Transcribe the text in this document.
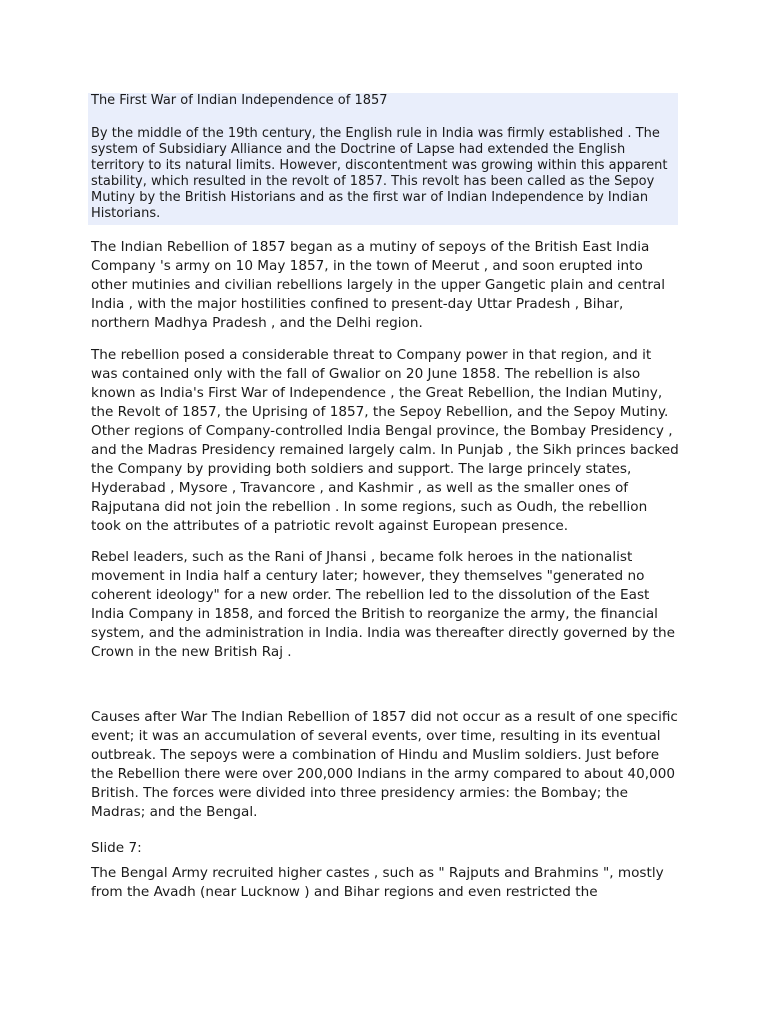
The First War of Indian Independence of 1857

By the middle of the 19th century, the English rule in India was firmly established . The system of Subsidiary Alliance and the Doctrine of Lapse had extended the English territory to its natural limits. However, discontentment was growing within this apparent stability, which resulted in the revolt of 1857. This revolt has been called as the Sepoy Mutiny by the British Historians and as the first war of Indian Independence by Indian Historians.

The Indian Rebellion of 1857 began as a mutiny of sepoys of the British East India Company 's army on 10 May 1857, in the town of Meerut , and soon erupted into other mutinies and civilian rebellions largely in the upper Gangetic plain and central India , with the major hostilities confined to present-day Uttar Pradesh , Bihar, northern Madhya Pradesh , and the Delhi region.

The rebellion posed a considerable threat to Company power in that region, and it was contained only with the fall of Gwalior on 20 June 1858. The rebellion is also known as India's First War of Independence , the Great Rebellion, the Indian Mutiny, the Revolt of 1857, the Uprising of 1857, the Sepoy Rebellion, and the Sepoy Mutiny. Other regions of Company-controlled India Bengal province, the Bombay Presidency , and the Madras Presidency remained largely calm. In Punjab , the Sikh princes backed the Company by providing both soldiers and support. The large princely states, Hyderabad , Mysore , Travancore , and Kashmir , as well as the smaller ones of Rajputana did not join the rebellion . In some regions, such as Oudh, the rebellion took on the attributes of a patriotic revolt against European presence.

Rebel leaders, such as the Rani of Jhansi , became folk heroes in the nationalist movement in India half a century later; however, they themselves "generated no coherent ideology" for a new order. The rebellion led to the dissolution of the East India Company in 1858, and forced the British to reorganize the army, the financial system, and the administration in India. India was thereafter directly governed by the Crown in the new British Raj .

Causes after War The Indian Rebellion of 1857 did not occur as a result of one specific event; it was an accumulation of several events, over time, resulting in its eventual outbreak. The sepoys were a combination of Hindu and Muslim soldiers. Just before the Rebellion there were over 200,000 Indians in the army compared to about 40,000 British. The forces were divided into three presidency armies: the Bombay; the Madras; and the Bengal.

Slide 7:

The Bengal Army recruited higher castes , such as " Rajputs and Brahmins ", mostly from the Avadh (near Lucknow ) and Bihar regions and even restricted the
